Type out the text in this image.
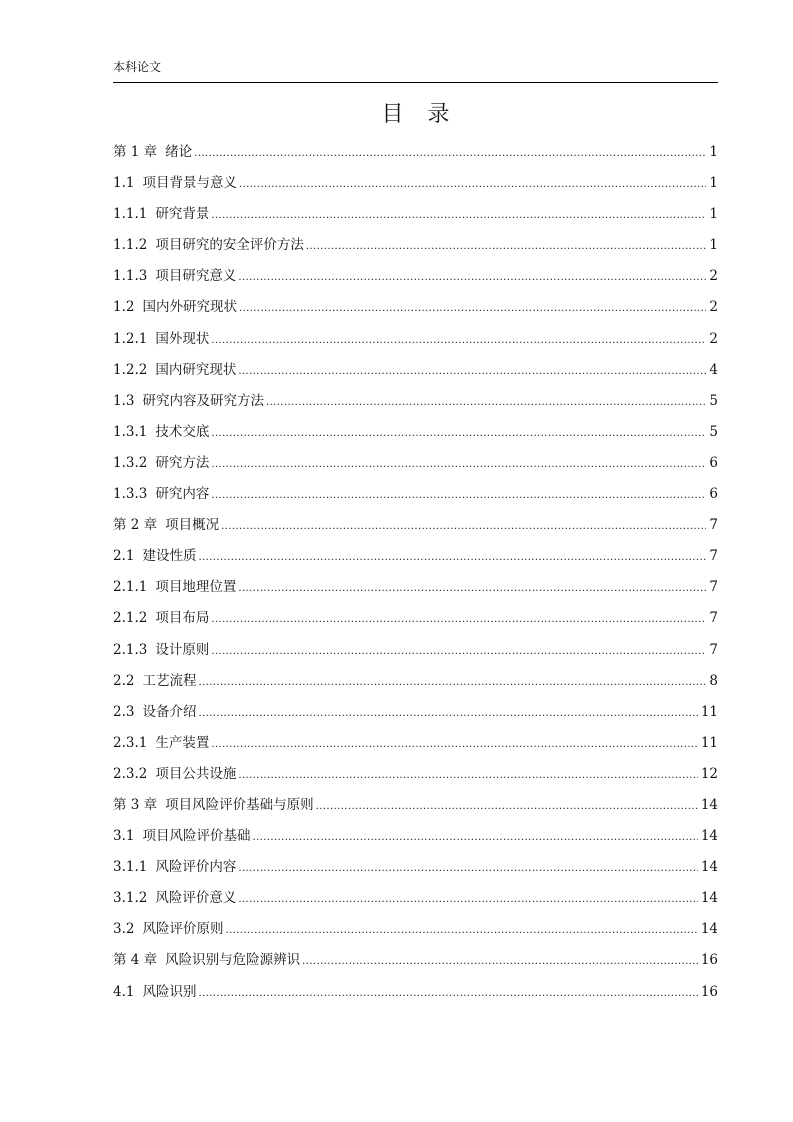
本科论文
目 录
第 1 章 绪论 .....	1
1.1 项目背景与意义 .....	1
1.1.1 研究背景 .....	1
1.1.2 项目研究的安全评价方法 .....	1
1.1.3 项目研究意义 .....	2
1.2 国内外研究现状 .....	2
1.2.1 国外现状 .....	2
1.2.2 国内研究现状 .....	4
1.3 研究内容及研究方法 .....	5
1.3.1 技术交底 .....	5
1.3.2 研究方法 .....	6
1.3.3 研究内容 .....	6
第 2 章 项目概况 .....	7
2.1 建设性质 .....	7
2.1.1 项目地理位置 .....	7
2.1.2 项目布局 .....	7
2.1.3 设计原则 .....	7
2.2 工艺流程 .....	8
2.3 设备介绍 .....	11
2.3.1 生产装置 .....	11
2.3.2 项目公共设施 .....	12
第 3 章 项目风险评价基础与原则 .....	14
3.1 项目风险评价基础 .....	14
3.1.1 风险评价内容 .....	14
3.1.2 风险评价意义 .....	14
3.2 风险评价原则 .....	14
第 4 章 风险识别与危险源辨识 .....	16
4.1 风险识别 .....	16
